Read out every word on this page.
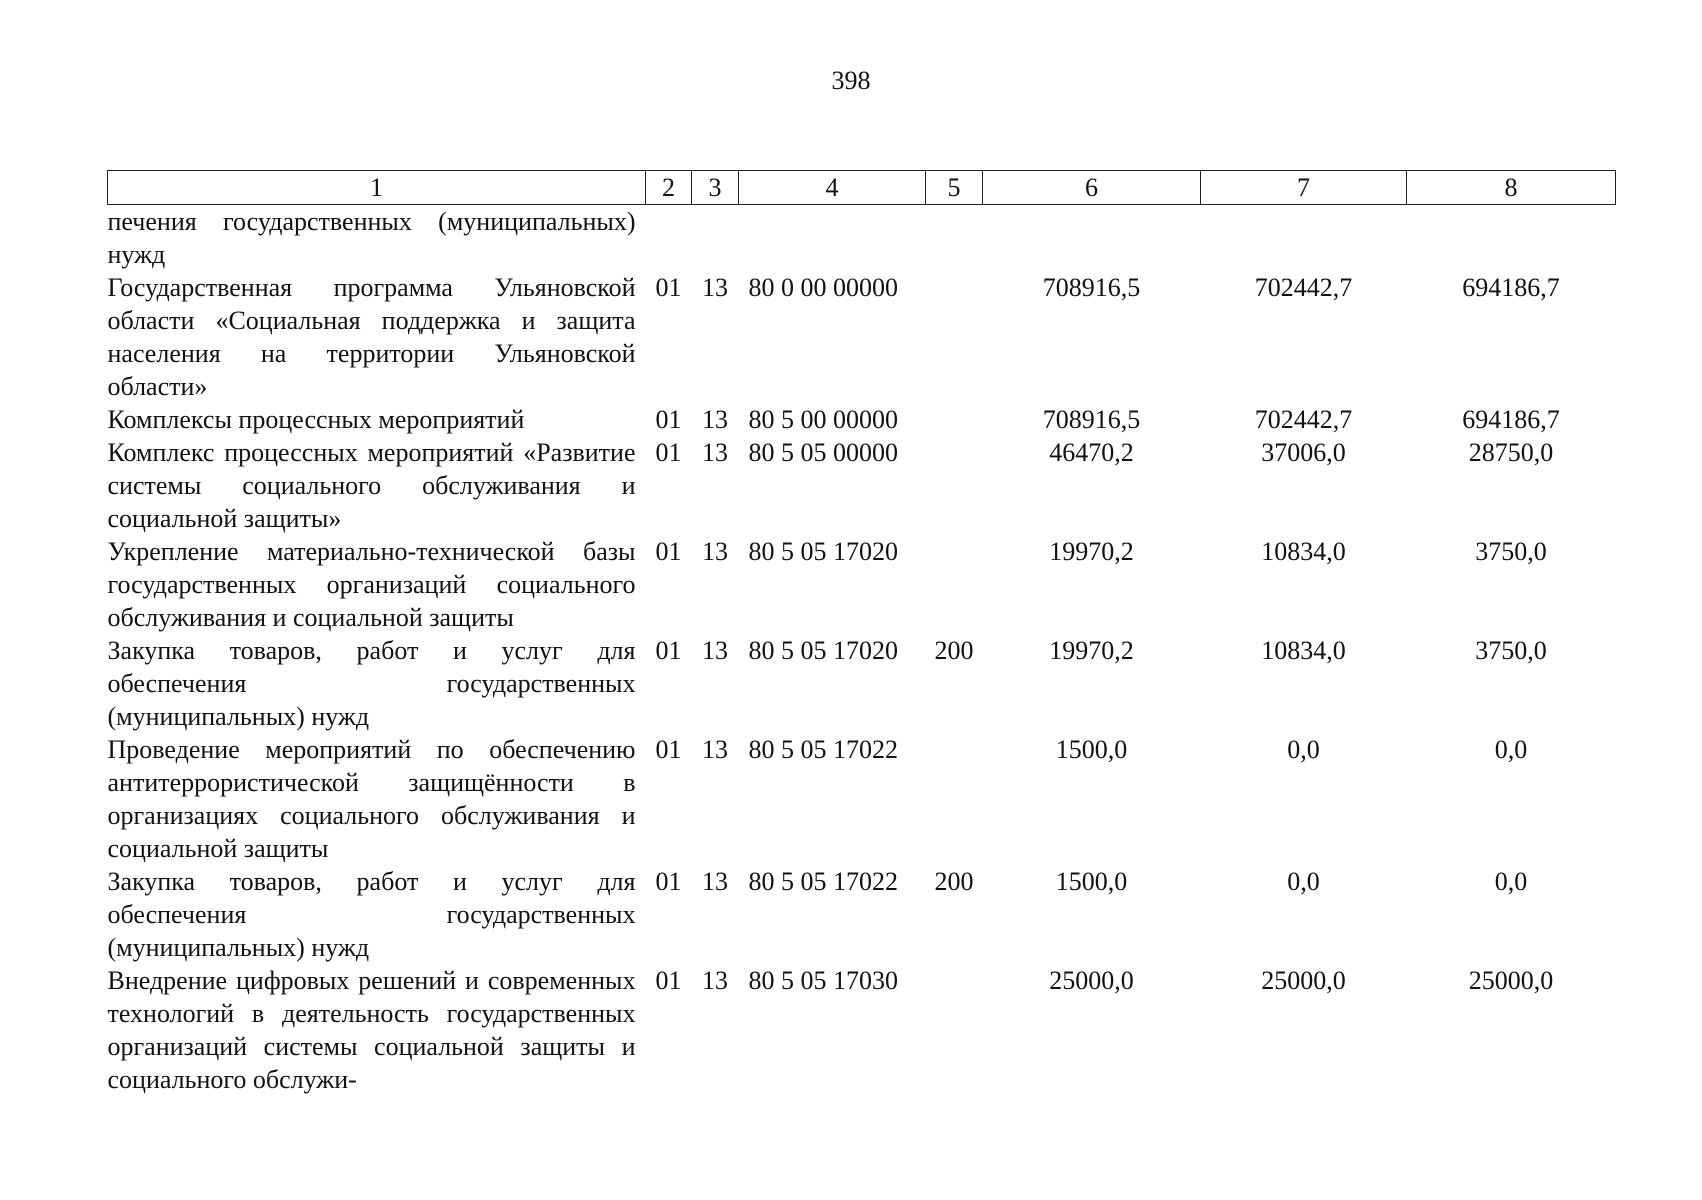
398
1	2	3	4	5	6	7	8
печения государственных (муниципальных) нужд							
Государственная программа Ульяновской области «Социальная поддержка и защита населения на территории Ульяновской области»	01	13	80 0 00 00000		708916,5	702442,7	694186,7
Комплексы процессных мероприятий	01	13	80 5 00 00000		708916,5	702442,7	694186,7
Комплекс процессных мероприятий «Развитие системы социального обслуживания и социальной защиты»	01	13	80 5 05 00000		46470,2	37006,0	28750,0
Укрепление материально-технической базы государственных организаций социального обслуживания и социальной защиты	01	13	80 5 05 17020		19970,2	10834,0	3750,0
Закупка товаров, работ и услуг для обеспечения государственных (муниципальных) нужд	01	13	80 5 05 17020	200	19970,2	10834,0	3750,0
Проведение мероприятий по обеспечению антитеррористической защищённости в организациях социального обслуживания и социальной защиты	01	13	80 5 05 17022		1500,0	0,0	0,0
Закупка товаров, работ и услуг для обеспечения государственных (муниципальных) нужд	01	13	80 5 05 17022	200	1500,0	0,0	0,0
Внедрение цифровых решений и современных технологий в деятельность государственных организаций системы социальной защиты и социального обслужи-	01	13	80 5 05 17030		25000,0	25000,0	25000,0
